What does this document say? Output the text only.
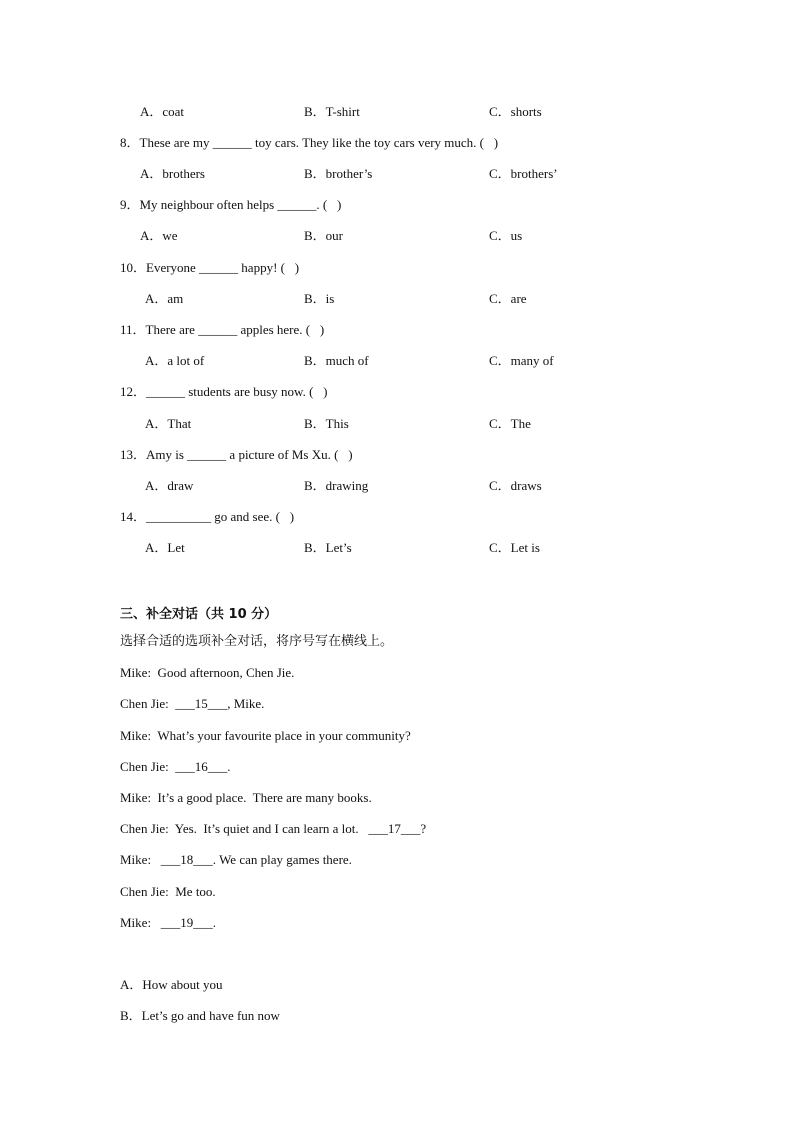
A．coat	B．T-shirt	C．shorts
8．These are my ______ toy cars. They like the toy cars very much. (   )
A．brothers	B．brother’s	C．brothers’
9．My neighbour often helps ______. (   )
A．we	B．our	C．us
10．Everyone ______ happy! (   )
A．am	B．is	C．are
11．There are ______ apples here. (   )
A．a lot of	B．much of	C．many of
12．______ students are busy now. (   )
A．That	B．This	C．The
13．Amy is ______ a picture of Ms Xu. (   )
A．draw	B．drawing	C．draws
14．__________ go and see. (   )
A．Let	B．Let’s	C．Let is
三、补全对话（共 10 分）
选择合适的选项补全对话，将序号写在横线上。
Mike:  Good afternoon, Chen Jie.
Chen Jie:  ___15___, Mike.
Mike:  What’s your favourite place in your community?
Chen Jie:  ___16___.
Mike:  It’s a good place.  There are many books.
Chen Jie:  Yes.  It’s quiet and I can learn a lot.   ___17___?
Mike:   ___18___. We can play games there.
Chen Jie:  Me too.
Mike:   ___19___.
A．How about you
B．Let’s go and have fun now
